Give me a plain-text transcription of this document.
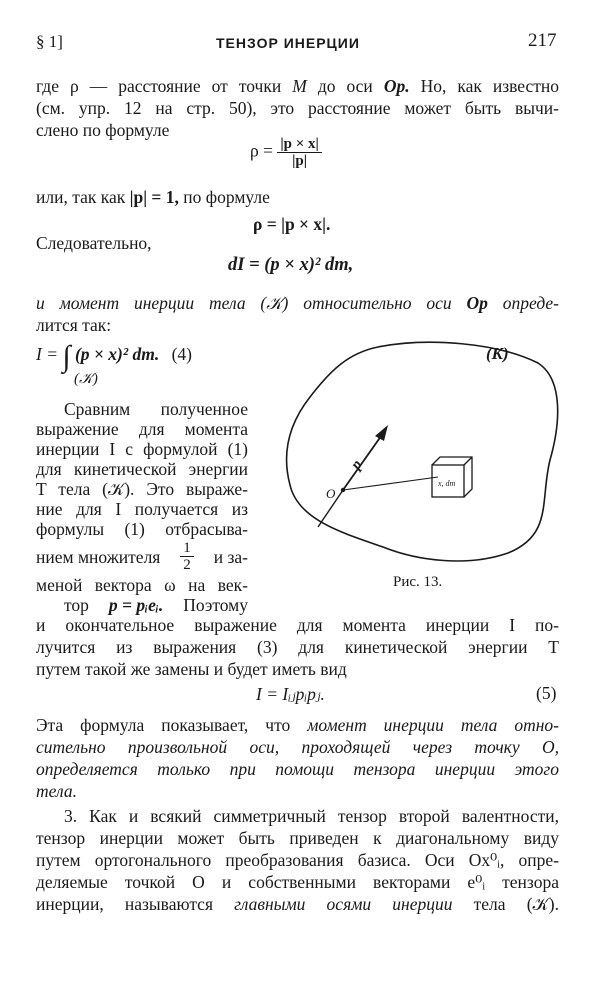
§ 1]	ТЕНЗОР ИНЕРЦИИ	217
где ρ — расстояние от точки M до оси Op. Но, как известно
(см. упр. 12 на стр. 50), это расстояние может быть вычи-
слено по формуле
$\rho = \frac{|p \times x|}{|p|}$
или, так как |p| = 1, по формуле
ρ = |p × x|.
Следовательно,
dI = (p × x)² dm,
и момент инерции тела (𝒦) относительно оси Op опреде-
лится так:
I = ∫ (p × x)² dm. (4)
(𝒦)
Сравним полученное
выражение для момента
инерции I с формулой (1)
для кинетической энергии
T тела (𝒦). Это выраже-
ние для I получается из
формулы (1) отбрасыва-
нием множителя $\frac{1}{2}$ и за-
меной вектора ω на век-
тор p = pᵢeᵢ. Поэтому
(K)
p
O
x, dm
Рис. 13.
и окончательное выражение для момента инерции I по-
лучится из выражения (3) для кинетической энергии T
путем такой же замены и будет иметь вид
I = Iᵢⱼpᵢpⱼ.	(5)
Эта формула показывает, что момент инерции тела отно-
сительно произвольной оси, проходящей через точку O,
определяется только при помощи тензора инерции этого
тела.
3. Как и всякий симметричный тензор второй валентности,
тензор инерции может быть приведен к диагональному виду
путем ортогонального преобразования базиса. Оси Ox⁰ᵢ, опре-
деляемые точкой O и собственными векторами e⁰ᵢ тензора
инерции, называются главными осями инерции тела (𝒦).
